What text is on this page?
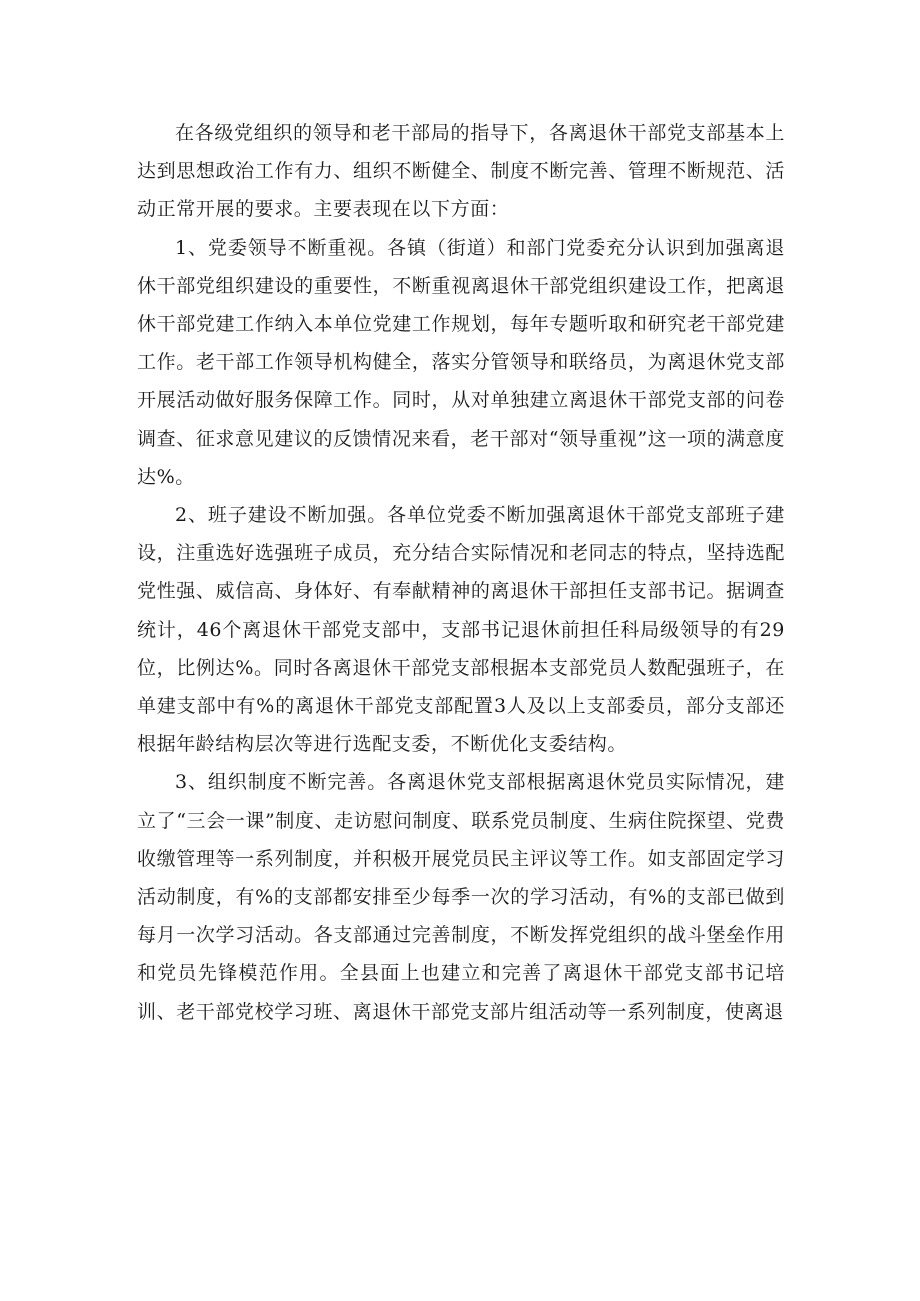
在各级党组织的领导和老干部局的指导下，各离退休干部党支部基本上达到思想政治工作有力、组织不断健全、制度不断完善、管理不断规范、活动正常开展的要求。主要表现在以下方面：

1、党委领导不断重视。各镇（街道）和部门党委充分认识到加强离退休干部党组织建设的重要性，不断重视离退休干部党组织建设工作，把离退休干部党建工作纳入本单位党建工作规划，每年专题听取和研究老干部党建工作。老干部工作领导机构健全，落实分管领导和联络员，为离退休党支部开展活动做好服务保障工作。同时，从对单独建立离退休干部党支部的问卷调查、征求意见建议的反馈情况来看，老干部对“领导重视”这一项的满意度达%。

2、班子建设不断加强。各单位党委不断加强离退休干部党支部班子建设，注重选好选强班子成员，充分结合实际情况和老同志的特点，坚持选配党性强、威信高、身体好、有奉献精神的离退休干部担任支部书记。据调查统计，46个离退休干部党支部中，支部书记退休前担任科局级领导的有29位，比例达%。同时各离退休干部党支部根据本支部党员人数配强班子，在单建支部中有%的离退休干部党支部配置3人及以上支部委员，部分支部还根据年龄结构层次等进行选配支委，不断优化支委结构。

3、组织制度不断完善。各离退休党支部根据离退休党员实际情况，建立了“三会一课”制度、走访慰问制度、联系党员制度、生病住院探望、党费收缴管理等一系列制度，并积极开展党员民主评议等工作。如支部固定学习活动制度，有%的支部都安排至少每季一次的学习活动，有%的支部已做到每月一次学习活动。各支部通过完善制度，不断发挥党组织的战斗堡垒作用和党员先锋模范作用。全县面上也建立和完善了离退休干部党支部书记培训、老干部党校学习班、离退休干部党支部片组活动等一系列制度，使离退
